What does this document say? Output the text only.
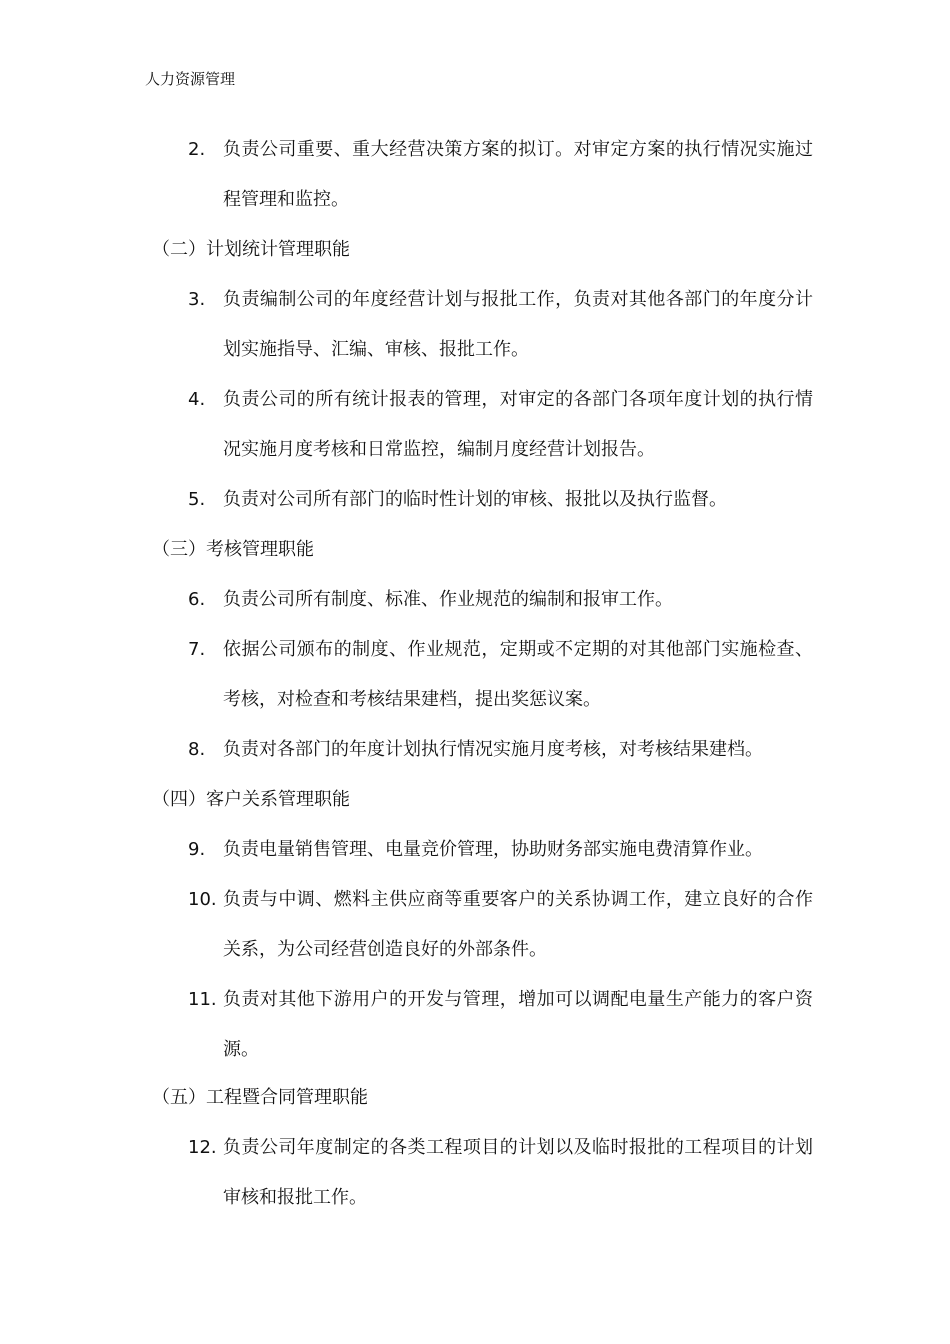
人力资源管理
2. 负责公司重要、重大经营决策方案的拟订。对审定方案的执行情况实施过程管理和监控。
（二）计划统计管理职能
3. 负责编制公司的年度经营计划与报批工作，负责对其他各部门的年度分计划实施指导、汇编、审核、报批工作。
4. 负责公司的所有统计报表的管理，对审定的各部门各项年度计划的执行情况实施月度考核和日常监控，编制月度经营计划报告。
5. 负责对公司所有部门的临时性计划的审核、报批以及执行监督。
（三）考核管理职能
6. 负责公司所有制度、标准、作业规范的编制和报审工作。
7. 依据公司颁布的制度、作业规范，定期或不定期的对其他部门实施检查、考核，对检查和考核结果建档，提出奖惩议案。
8. 负责对各部门的年度计划执行情况实施月度考核，对考核结果建档。
（四）客户关系管理职能
9. 负责电量销售管理、电量竞价管理，协助财务部实施电费清算作业。
10. 负责与中调、燃料主供应商等重要客户的关系协调工作，建立良好的合作关系，为公司经营创造良好的外部条件。
11. 负责对其他下游用户的开发与管理，增加可以调配电量生产能力的客户资源。
（五）工程暨合同管理职能
12. 负责公司年度制定的各类工程项目的计划以及临时报批的工程项目的计划审核和报批工作。
